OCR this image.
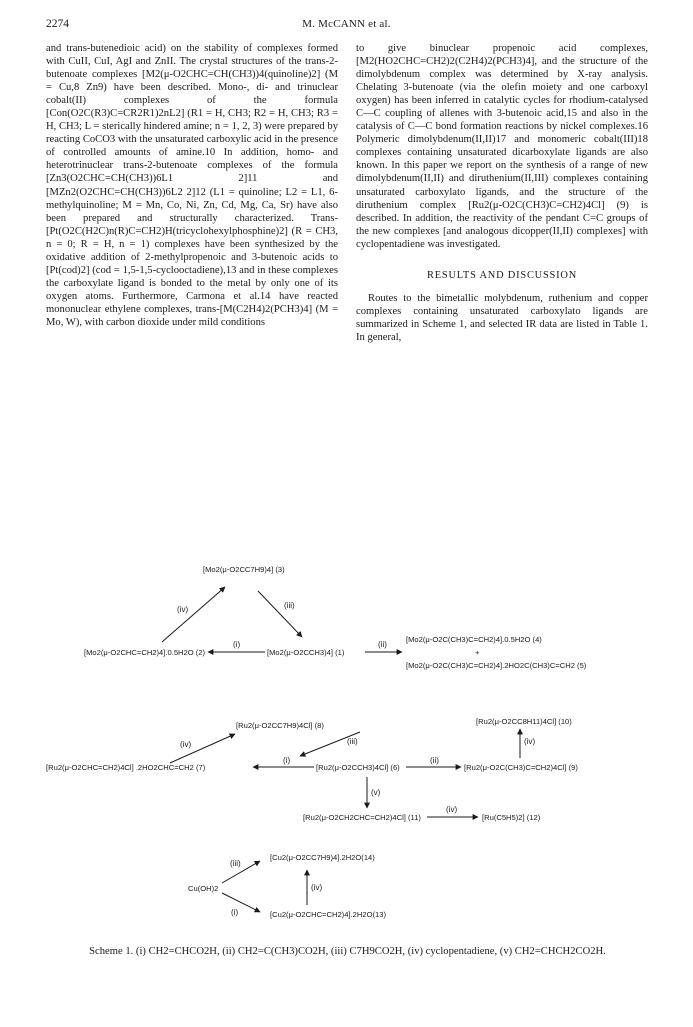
2274	M. McCANN et al.

and trans-butenedioic acid) on the stability of complexes formed with CuII, CuI, AgI and ZnII. The crystal structures of the trans-2-butenoate complexes [M2(μ-O2CHC=CH(CH3))4(quinoline)2] (M = Cu,8 Zn9) have been described. Mono-, di- and trinuclear cobalt(II) complexes of the formula [Con(O2C(R3)C=CR2R1)2nL2] (R1 = H, CH3; R2 = H, CH3; R3 = H, CH3; L = sterically hindered amine; n = 1, 2, 3) were prepared by reacting CoCO3 with the unsaturated carboxylic acid in the presence of controlled amounts of amine.10 In addition, homo- and heterotrinuclear trans-2-butenoate complexes of the formula [Zn3(O2CHC=CH(CH3))6L1 2]11 and [MZn2(O2CHC=CH(CH3))6L2 2]12 (L1 = quinoline; L2 = L1, 6-methylquinoline; M = Mn, Co, Ni, Zn, Cd, Mg, Ca, Sr) have also been prepared and structurally characterized. Trans-[Pt(O2C(H2C)n(R)C=CH2)H(tricyclohexylphosphine)2] (R = CH3, n = 0; R = H, n = 1) complexes have been synthesized by the oxidative addition of 2-methylpropenoic and 3-butenoic acids to [Pt(cod)2] (cod = 1,5-1,5-cyclooctadiene),13 and in these complexes the carboxylate ligand is bonded to the metal by only one of its oxygen atoms. Furthermore, Carmona et al.14 have reacted mononuclear ethylene complexes, trans-[M(C2H4)2(PCH3)4] (M = Mo, W), with carbon dioxide under mild conditions

to give binuclear propenoic acid complexes, [M2(HO2CHC=CH2)2(C2H4)2(PCH3)4], and the structure of the dimolybdenum complex was determined by X-ray analysis. Chelating 3-butenoate (via the olefin moiety and one carboxyl oxygen) has been inferred in catalytic cycles for rhodium-catalysed C—C coupling of allenes with 3-butenoic acid,15 and also in the catalysis of C—C bond formation reactions by nickel complexes.16 Polymeric dimolybdenum(II,II)17 and monomeric cobalt(III)18 complexes containing unsaturated dicarboxylate ligands are also known. In this paper we report on the synthesis of a range of new dimolybdenum(II,II) and diruthenium(II,III) complexes containing unsaturated carboxylato ligands, and the structure of the diruthenium complex [Ru2(μ-O2C(CH3)C=CH2)4Cl] (9) is described. In addition, the reactivity of the pendant C=C groups of the new complexes [and analogous dicopper(II,II) complexes] with cyclopentadiene was investigated.

RESULTS AND DISCUSSION

Routes to the bimetallic molybdenum, ruthenium and copper complexes containing unsaturated carboxylato ligands are summarized in Scheme 1, and selected IR data are listed in Table 1. In general,

[Mo2(μ-O2CC7H9)4] (3)
[Mo2(μ-O2CHC=CH2)4].0.5H2O (2)	[Mo2(μ-O2CCH3)4] (1)
[Mo2(μ-O2C(CH3)C=CH2)4].0.5H2O (4)
+
[Mo2(μ-O2C(CH3)C=CH2)4].2HO2C(CH3)C=CH2 (5)
(iv)	(iii)
(i)	(ii)
[Ru2(μ-O2CC7H9)4Cl] (8)	[Ru2(μ-O2CC8H11)4Cl] (10)
[Ru2(μ-O2CHC=CH2)4Cl] .2HO2CHC=CH2 (7)	[Ru2(μ-O2CCH3)4Cl] (6)	[Ru2(μ-O2C(CH3)C=CH2)4Cl] (9)
[Ru2(μ-O2CH2CHC=CH2)4Cl] (11)	[Ru(C5H5)2] (12)
(iv)	(iii)
(i)	(ii)
(iv)
(v)
(iv)
[Cu2(μ-O2CC7H9)4].2H2O(14)
Cu(OH)2
[Cu2(μ-O2CHC=CH2)4].2H2O(13)
(iii)
(i)
(iv)
Scheme 1. (i) CH2=CHCO2H, (ii) CH2=C(CH3)CO2H, (iii) C7H9CO2H, (iv) cyclopentadiene, (v) CH2=CHCH2CO2H.
